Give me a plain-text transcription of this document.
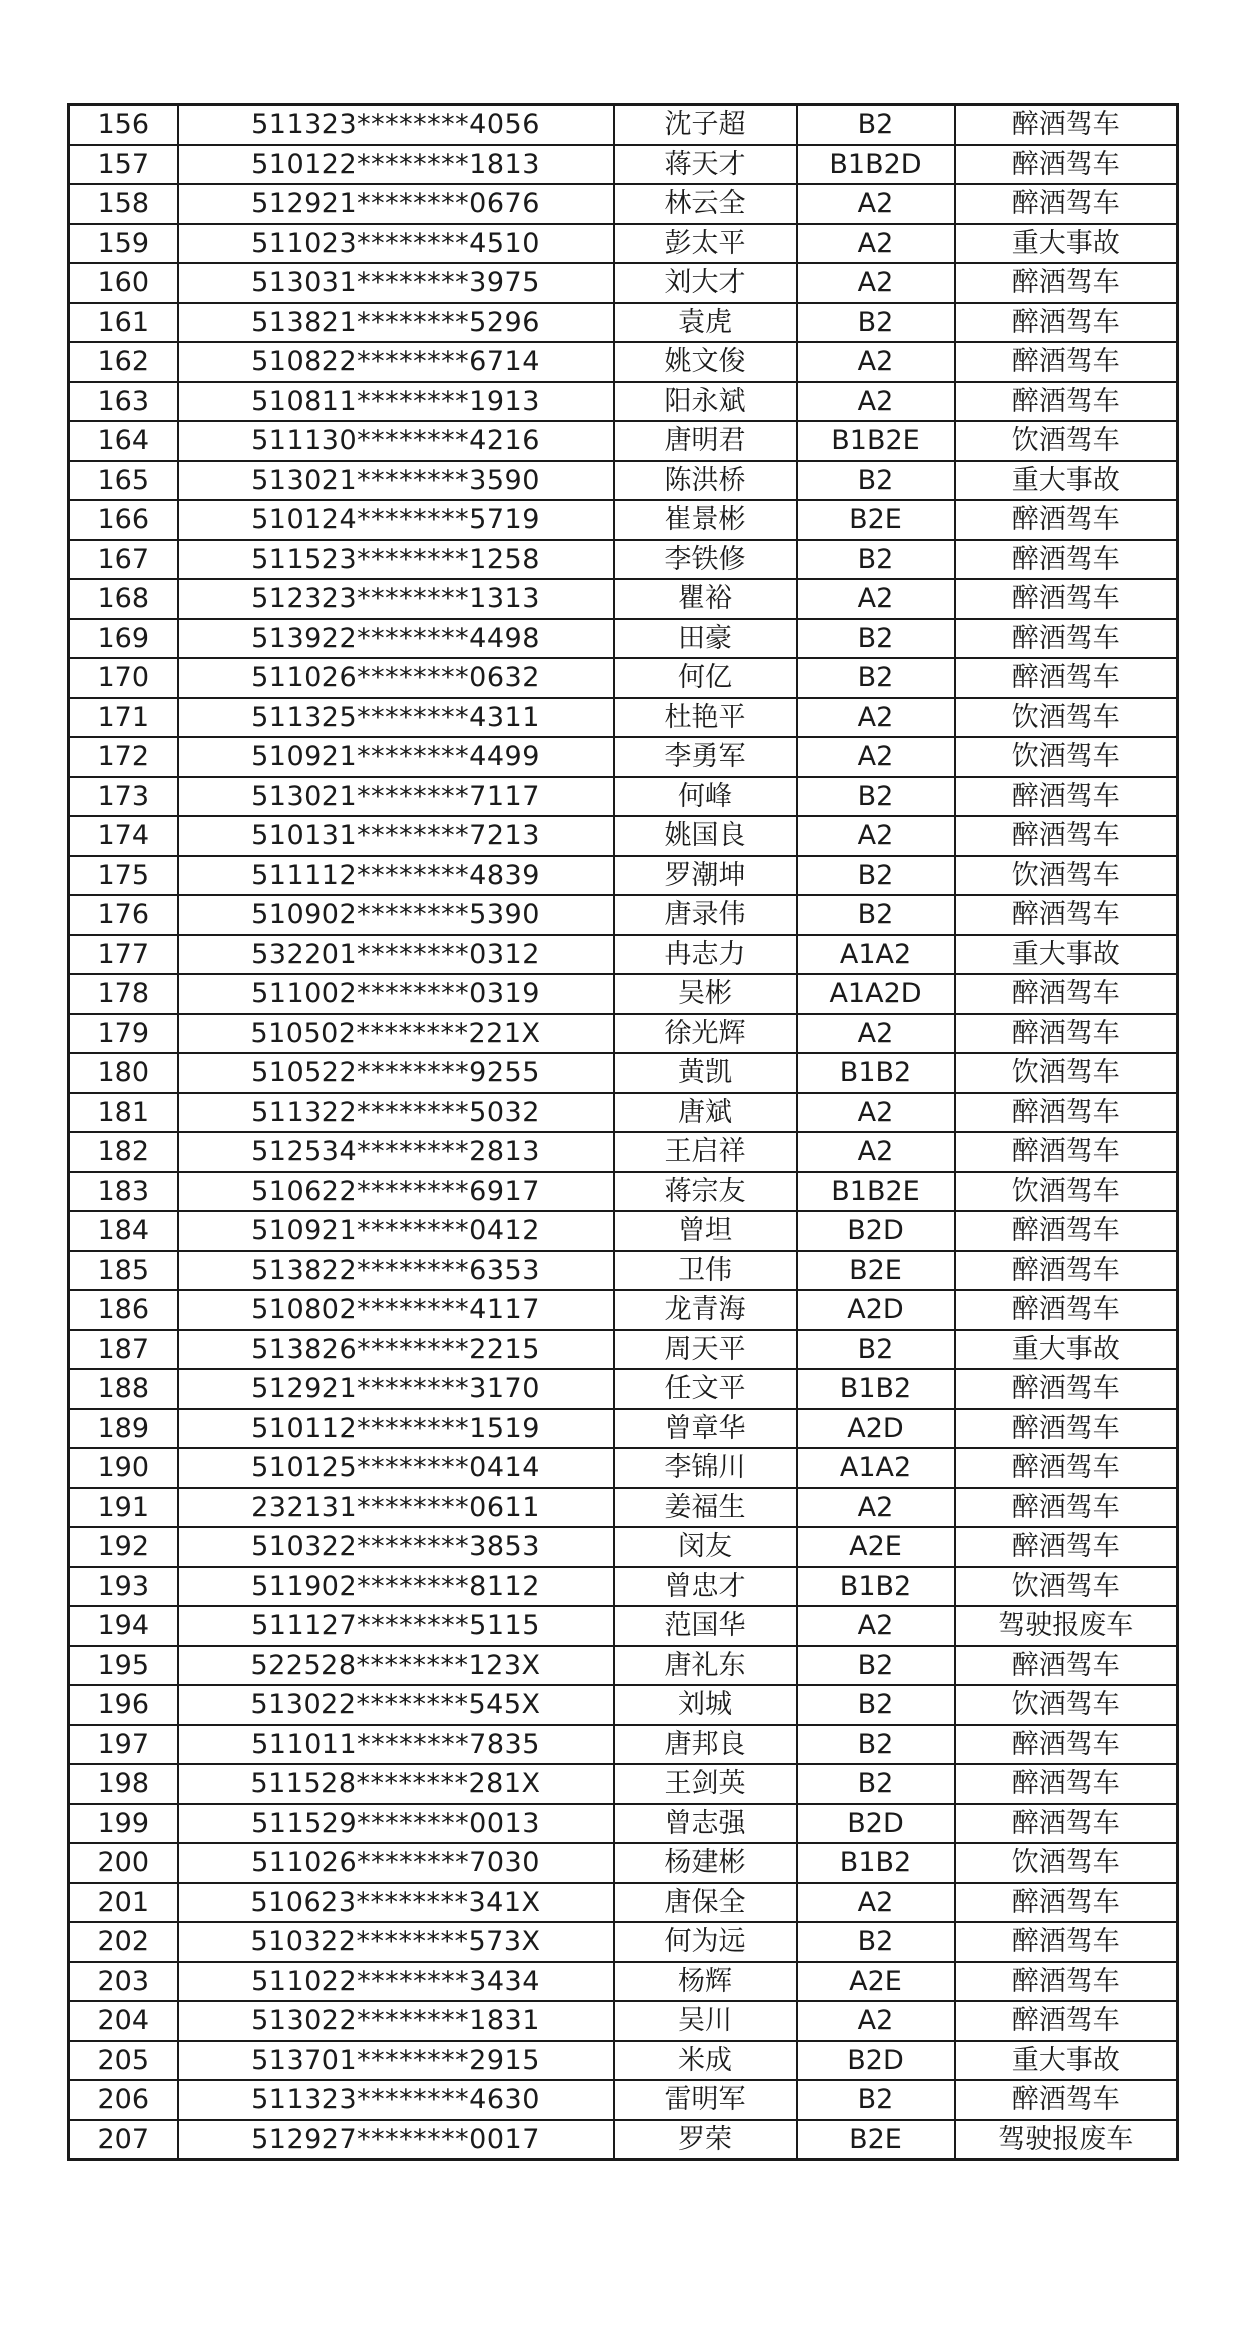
156	511323********4056	沈子超	B2	醉酒驾车
157	510122********1813	蒋天才	B1B2D	醉酒驾车
158	512921********0676	林云全	A2	醉酒驾车
159	511023********4510	彭太平	A2	重大事故
160	513031********3975	刘大才	A2	醉酒驾车
161	513821********5296	袁虎	B2	醉酒驾车
162	510822********6714	姚文俊	A2	醉酒驾车
163	510811********1913	阳永斌	A2	醉酒驾车
164	511130********4216	唐明君	B1B2E	饮酒驾车
165	513021********3590	陈洪桥	B2	重大事故
166	510124********5719	崔景彬	B2E	醉酒驾车
167	511523********1258	李铁修	B2	醉酒驾车
168	512323********1313	瞿裕	A2	醉酒驾车
169	513922********4498	田豪	B2	醉酒驾车
170	511026********0632	何亿	B2	醉酒驾车
171	511325********4311	杜艳平	A2	饮酒驾车
172	510921********4499	李勇军	A2	饮酒驾车
173	513021********7117	何峰	B2	醉酒驾车
174	510131********7213	姚国良	A2	醉酒驾车
175	511112********4839	罗潮坤	B2	饮酒驾车
176	510902********5390	唐录伟	B2	醉酒驾车
177	532201********0312	冉志力	A1A2	重大事故
178	511002********0319	吴彬	A1A2D	醉酒驾车
179	510502********221X	徐光辉	A2	醉酒驾车
180	510522********9255	黄凯	B1B2	饮酒驾车
181	511322********5032	唐斌	A2	醉酒驾车
182	512534********2813	王启祥	A2	醉酒驾车
183	510622********6917	蒋宗友	B1B2E	饮酒驾车
184	510921********0412	曾坦	B2D	醉酒驾车
185	513822********6353	卫伟	B2E	醉酒驾车
186	510802********4117	龙青海	A2D	醉酒驾车
187	513826********2215	周天平	B2	重大事故
188	512921********3170	任文平	B1B2	醉酒驾车
189	510112********1519	曾章华	A2D	醉酒驾车
190	510125********0414	李锦川	A1A2	醉酒驾车
191	232131********0611	姜福生	A2	醉酒驾车
192	510322********3853	闵友	A2E	醉酒驾车
193	511902********8112	曾忠才	B1B2	饮酒驾车
194	511127********5115	范国华	A2	驾驶报废车
195	522528********123X	唐礼东	B2	醉酒驾车
196	513022********545X	刘城	B2	饮酒驾车
197	511011********7835	唐邦良	B2	醉酒驾车
198	511528********281X	王剑英	B2	醉酒驾车
199	511529********0013	曾志强	B2D	醉酒驾车
200	511026********7030	杨建彬	B1B2	饮酒驾车
201	510623********341X	唐保全	A2	醉酒驾车
202	510322********573X	何为远	B2	醉酒驾车
203	511022********3434	杨辉	A2E	醉酒驾车
204	513022********1831	吴川	A2	醉酒驾车
205	513701********2915	米成	B2D	重大事故
206	511323********4630	雷明军	B2	醉酒驾车
207	512927********0017	罗荣	B2E	驾驶报废车
